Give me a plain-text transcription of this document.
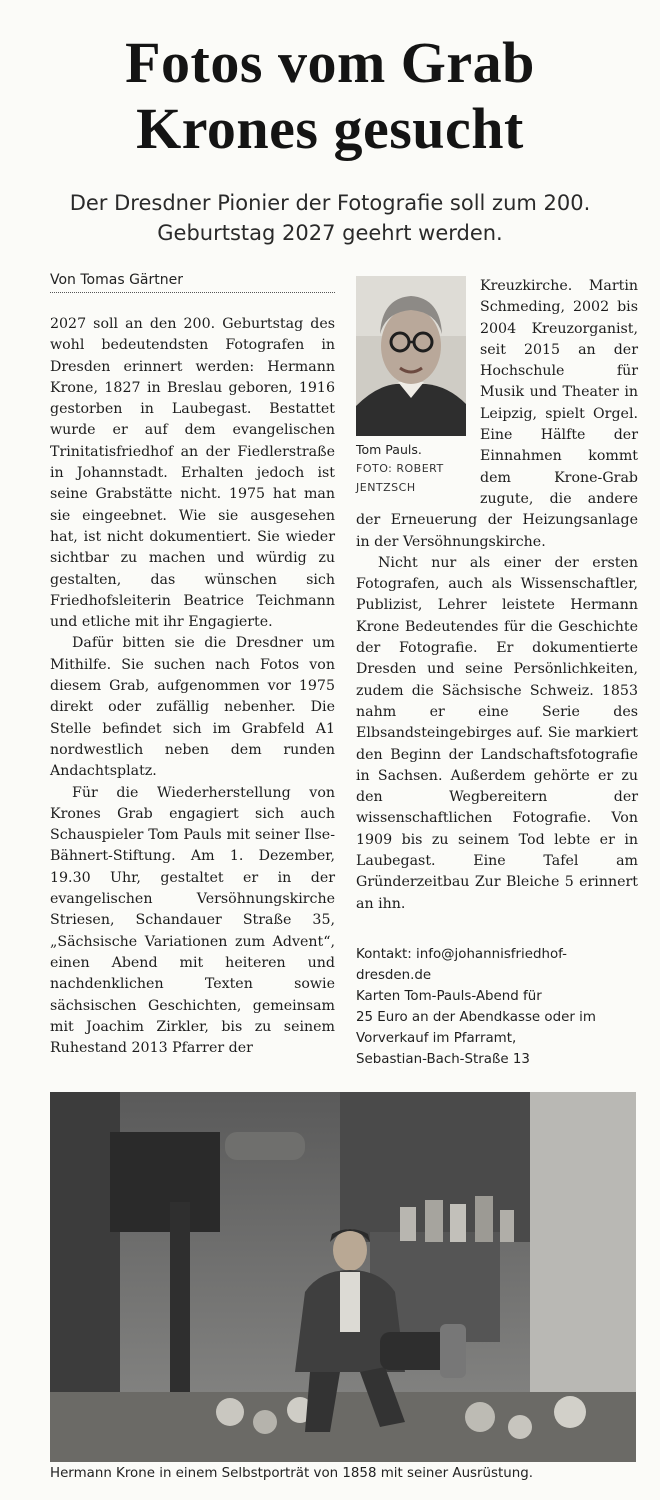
Fotos vom Grab
Krones gesucht
Der Dresdner Pionier der Fotografie soll zum 200.
Geburtstag 2027 geehrt werden.
Von Tomas Gärtner

2027 soll an den 200. Geburtstag des wohl bedeutendsten Fotografen in Dresden erinnert werden: Hermann Krone, 1827 in Breslau geboren, 1916 gestorben in Laubegast. Bestattet wurde er auf dem evangelischen Trinitatisfriedhof an der Fiedlerstraße in Johannstadt. Erhalten jedoch ist seine Grabstätte nicht. 1975 hat man sie eingeebnet. Wie sie ausgesehen hat, ist nicht dokumentiert. Sie wieder sichtbar zu machen und würdig zu gestalten, das wünschen sich Friedhofsleiterin Beatrice Teichmann und etliche mit ihr Engagierte.

Dafür bitten sie die Dresdner um Mithilfe. Sie suchen nach Fotos von diesem Grab, aufgenommen vor 1975 direkt oder zufällig nebenher. Die Stelle befindet sich im Grabfeld A1 nordwestlich neben dem runden Andachtsplatz.

Für die Wiederherstellung von Krones Grab engagiert sich auch Schauspieler Tom Pauls mit seiner Ilse-Bähnert-Stiftung. Am 1. Dezember, 19.30 Uhr, gestaltet er in der evangelischen Versöhnungskirche Striesen, Schandauer Straße 35, „Sächsische Variationen zum Advent“, einen Abend mit heiteren und nachdenklichen Texten sowie sächsischen Geschichten, gemeinsam mit Joachim Zirkler, bis zu seinem Ruhestand 2013 Pfarrer der

Tom Pauls.
FOTO: ROBERT
JENTZSCH

Kreuzkirche. Martin Schmeding, 2002 bis 2004 Kreuzorganist, seit 2015 an der Hochschule für Musik und Theater in Leipzig, spielt Orgel. Eine Hälfte der Einnahmen kommt dem Krone-Grab zugute, die andere der Erneuerung der Heizungsanlage in der Versöhnungskirche.

Nicht nur als einer der ersten Fotografen, auch als Wissenschaftler, Publizist, Lehrer leistete Hermann Krone Bedeutendes für die Geschichte der Fotografie. Er dokumentierte Dresden und seine Persönlichkeiten, zudem die Sächsische Schweiz. 1853 nahm er eine Serie des Elbsandsteingebirges auf. Sie markiert den Beginn der Landschaftsfotografie in Sachsen. Außerdem gehörte er zu den Wegbereitern der wissenschaftlichen Fotografie. Von 1909 bis zu seinem Tod lebte er in Laubegast. Eine Tafel am Gründerzeitbau Zur Bleiche 5 erinnert an ihn.

Kontakt: info@johannisfriedhof-
dresden.de
Karten Tom-Pauls-Abend für
25 Euro an der Abendkasse oder im
Vorverkauf im Pfarramt,
Sebastian-Bach-Straße 13
Hermann Krone in einem Selbstporträt von 1858 mit seiner Ausrüstung.
